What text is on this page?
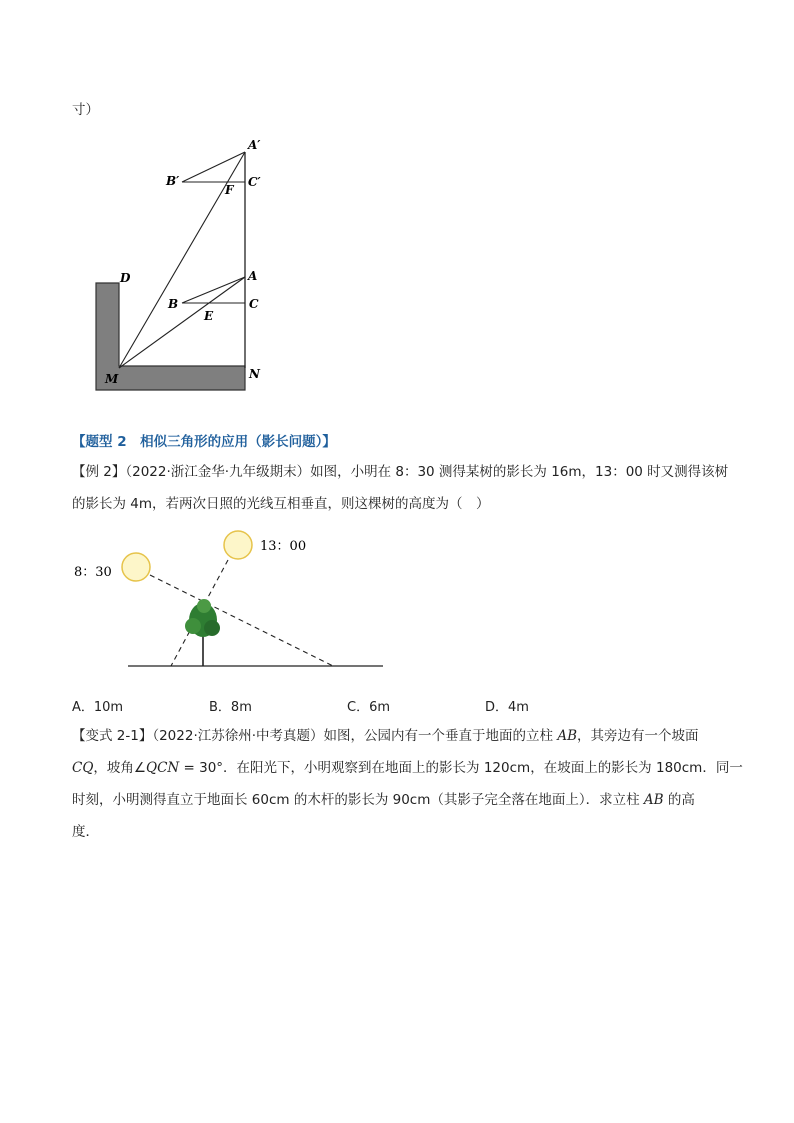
寸）
A′
B′	C′
F
D	A
B	C
E
M	N
【题型 2　相似三角形的应用（影长问题）】
【例 2】（2022·浙江金华·九年级期末）如图，小明在 8：30 测得某树的影长为 16m，13：00 时又测得该树
的影长为 4m，若两次日照的光线互相垂直，则这棵树的高度为（　）
8：30
13：00
A．10m	B．8m	C．6m	D．4m
【变式 2-1】（2022·江苏徐州·中考真题）如图，公园内有一个垂直于地面的立柱 AB，其旁边有一个坡面
CQ，坡角∠QCN = 30°．在阳光下，小明观察到在地面上的影长为 120cm，在坡面上的影长为 180cm．同一
时刻，小明测得直立于地面长 60cm 的木杆的影长为 90cm（其影子完全落在地面上）．求立柱 AB 的高
度．
